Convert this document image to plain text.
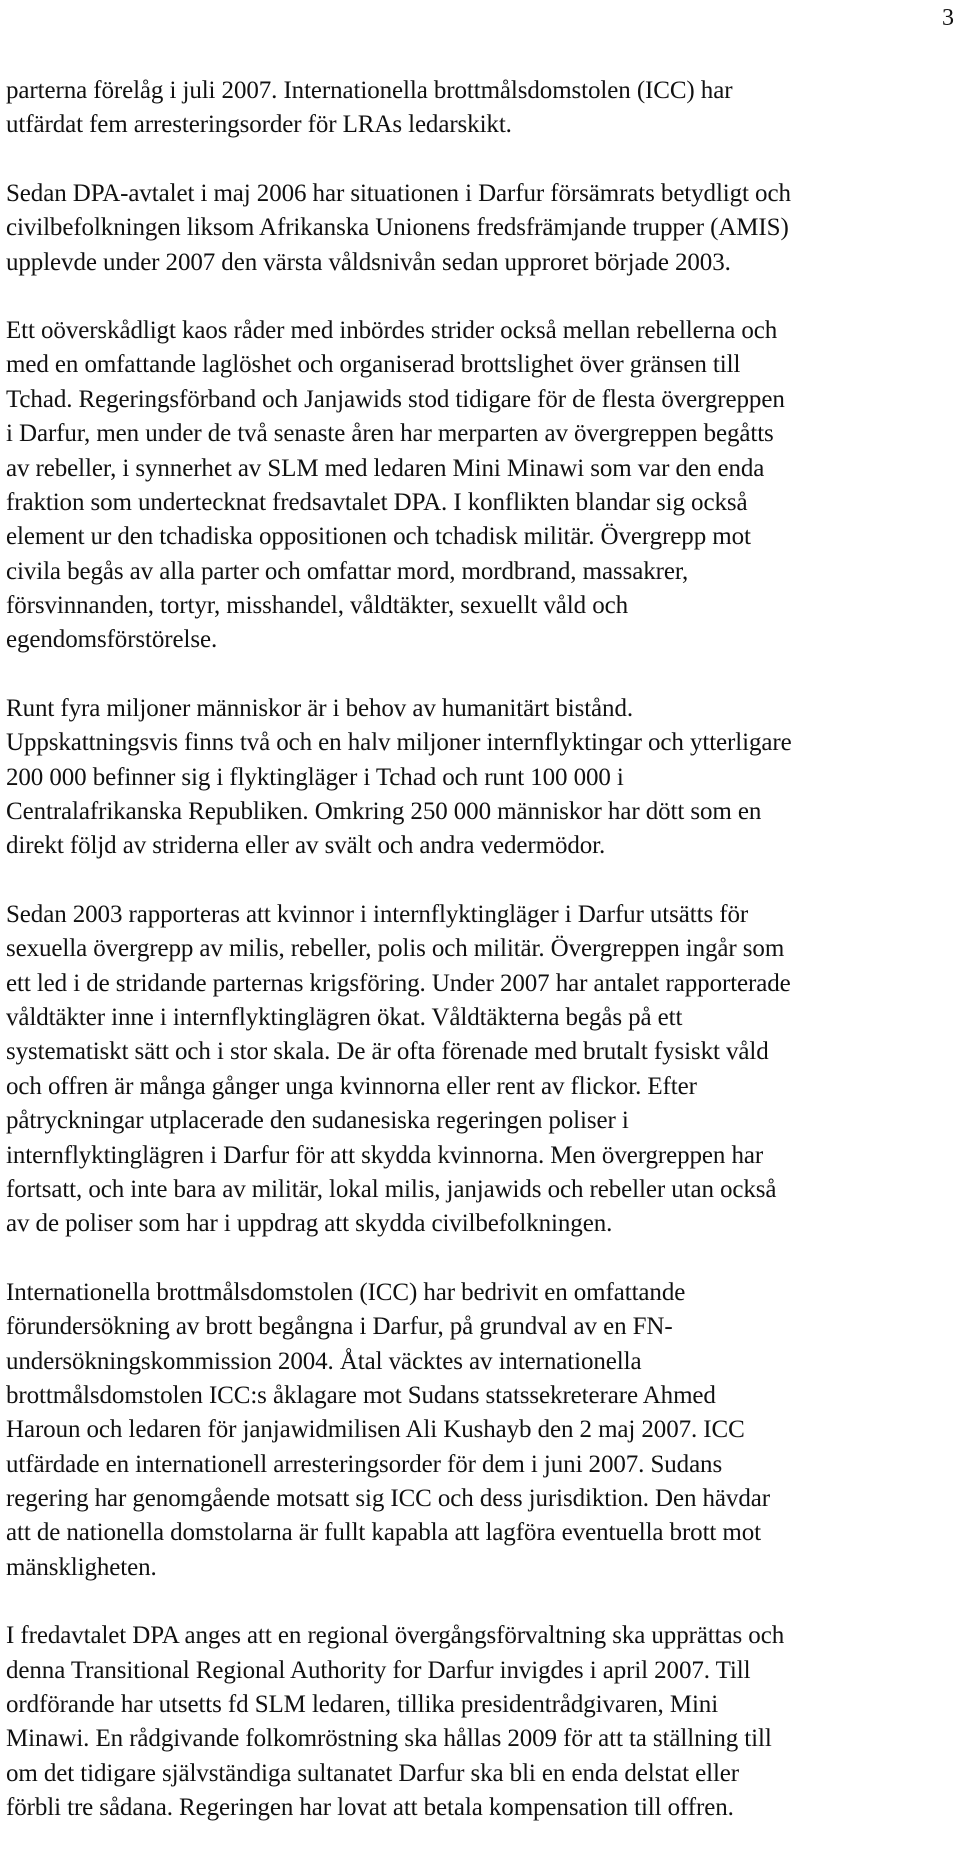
3

parterna förelåg i juli 2007. Internationella brottmålsdomstolen (ICC) har
utfärdat fem arresteringsorder för LRAs ledarskikt.

Sedan DPA-avtalet i maj 2006 har situationen i Darfur försämrats betydligt och
civilbefolkningen liksom Afrikanska Unionens fredsfrämjande trupper (AMIS)
upplevde under 2007 den värsta våldsnivån sedan upproret började 2003.

Ett oöverskådligt kaos råder med inbördes strider också mellan rebellerna och
med en omfattande laglöshet och organiserad brottslighet över gränsen till
Tchad. Regeringsförband och Janjawids stod tidigare för de flesta övergreppen
i Darfur, men under de två senaste åren har merparten av övergreppen begåtts
av rebeller, i synnerhet av SLM med ledaren Mini Minawi som var den enda
fraktion som undertecknat fredsavtalet DPA. I konflikten blandar sig också
element ur den tchadiska oppositionen och tchadisk militär. Övergrepp mot
civila begås av alla parter och omfattar mord, mordbrand, massakrer,
försvinnanden, tortyr, misshandel, våldtäkter, sexuellt våld och
egendomsförstörelse.

Runt fyra miljoner människor är i behov av humanitärt bistånd.
Uppskattningsvis finns två och en halv miljoner internflyktingar och ytterligare
200 000 befinner sig i flyktingläger i Tchad och runt 100 000 i
Centralafrikanska Republiken. Omkring 250 000 människor har dött som en
direkt följd av striderna eller av svält och andra vedermödor.

Sedan 2003 rapporteras att kvinnor i internflyktingläger i Darfur utsätts för
sexuella övergrepp av milis, rebeller, polis och militär. Övergreppen ingår som
ett led i de stridande parternas krigsföring. Under 2007 har antalet rapporterade
våldtäkter inne i internflyktinglägren ökat. Våldtäkterna begås på ett
systematiskt sätt och i stor skala. De är ofta förenade med brutalt fysiskt våld
och offren är många gånger unga kvinnorna eller rent av flickor. Efter
påtryckningar utplacerade den sudanesiska regeringen poliser i
internflyktinglägren i Darfur för att skydda kvinnorna. Men övergreppen har
fortsatt, och inte bara av militär, lokal milis, janjawids och rebeller utan också
av de poliser som har i uppdrag att skydda civilbefolkningen.

Internationella brottmålsdomstolen (ICC) har bedrivit en omfattande
förundersökning av brott begångna i Darfur, på grundval av en FN-
undersökningskommission 2004. Åtal väcktes av internationella
brottmålsdomstolen ICC:s åklagare mot Sudans statssekreterare Ahmed
Haroun och ledaren för janjawidmilisen Ali Kushayb den 2 maj 2007. ICC
utfärdade en internationell arresteringsorder för dem i juni 2007. Sudans
regering har genomgående motsatt sig ICC och dess jurisdiktion. Den hävdar
att de nationella domstolarna är fullt kapabla att lagföra eventuella brott mot
mänskligheten.

I fredavtalet DPA anges att en regional övergångsförvaltning ska upprättas och
denna Transitional Regional Authority for Darfur invigdes i april 2007. Till
ordförande har utsetts fd SLM ledaren, tillika presidentrådgivaren, Mini
Minawi. En rådgivande folkomröstning ska hållas 2009 för att ta ställning till
om det tidigare självständiga sultanatet Darfur ska bli en enda delstat eller
förbli tre sådana. Regeringen har lovat att betala kompensation till offren.
